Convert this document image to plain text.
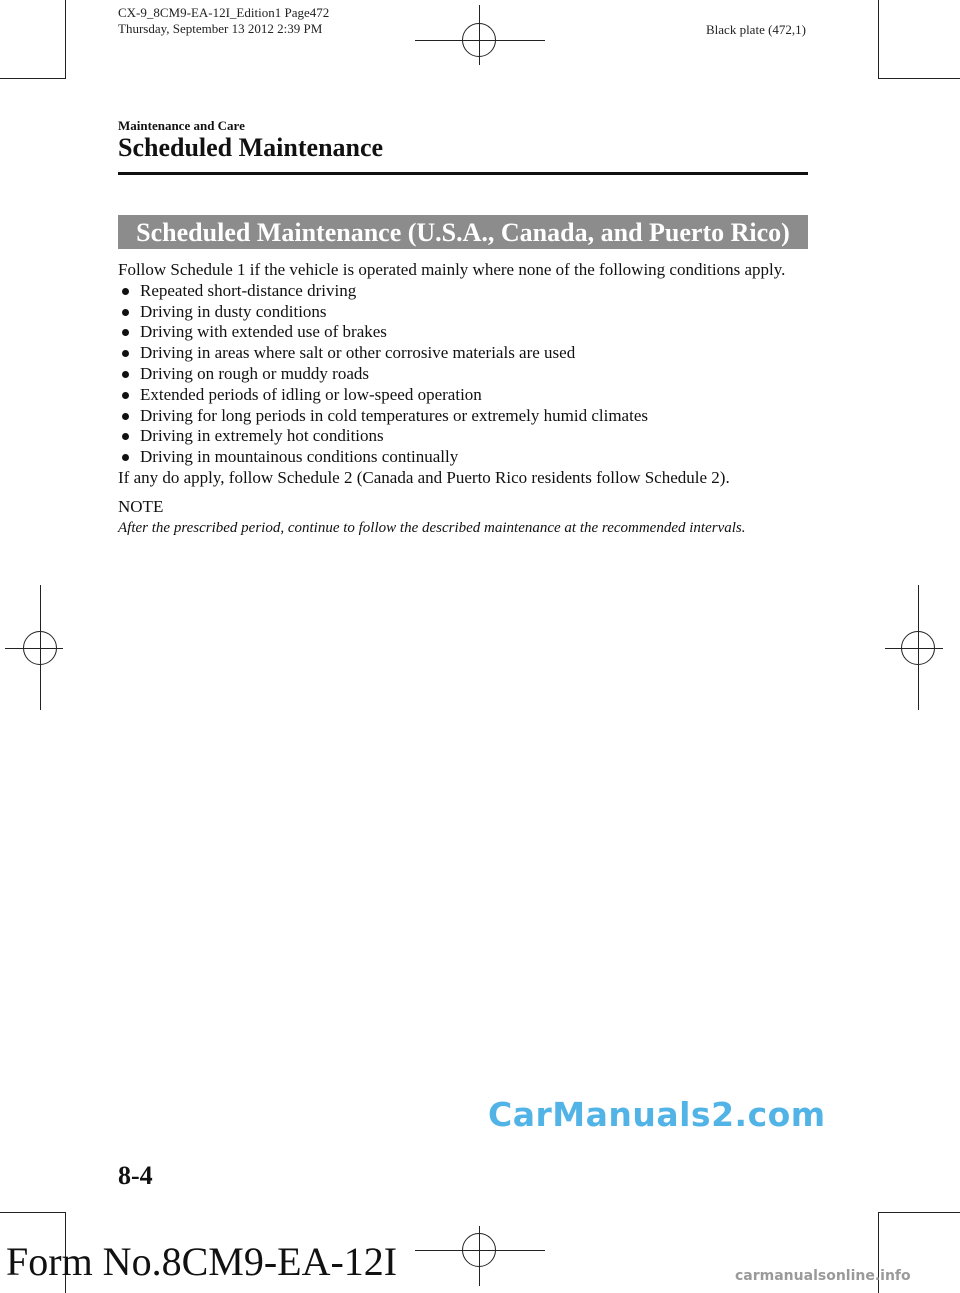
CX-9_8CM9-EA-12I_Edition1 Page472
Thursday, September 13 2012 2:39 PM	Black plate (472,1)
Maintenance and Care
Scheduled Maintenance
Scheduled Maintenance (U.S.A., Canada, and Puerto Rico)

Follow Schedule 1 if the vehicle is operated mainly where none of the following conditions apply.

Repeated short-distance driving
Driving in dusty conditions
Driving with extended use of brakes
Driving in areas where salt or other corrosive materials are used
Driving on rough or muddy roads
Extended periods of idling or low-speed operation
Driving for long periods in cold temperatures or extremely humid climates
Driving in extremely hot conditions
Driving in mountainous conditions continually

If any do apply, follow Schedule 2 (Canada and Puerto Rico residents follow Schedule 2).

NOTE

After the prescribed period, continue to follow the described maintenance at the recommended intervals.

CarManuals2.com
8-4
Form No.8CM9-EA-12I	carmanualsonline.info
